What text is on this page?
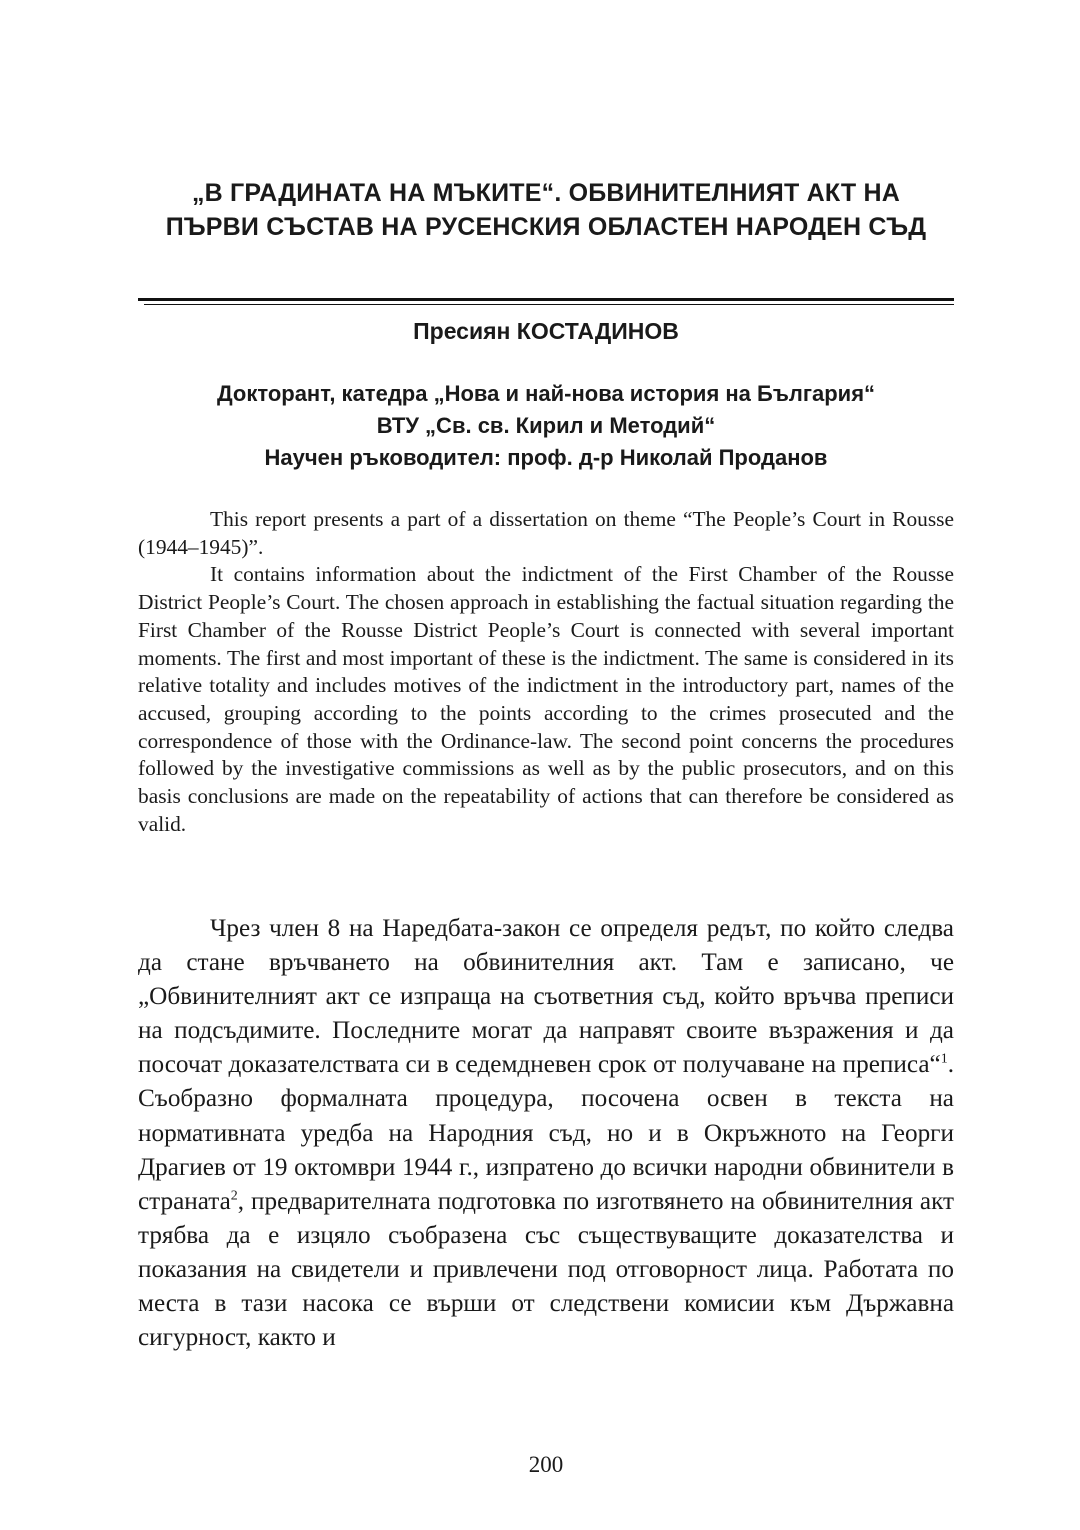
„В ГРАДИНАТА НА МЪКИТЕ“. ОБВИНИТЕЛНИЯТ АКТ НА
ПЪРВИ СЪСТАВ НА РУСЕНСКИЯ ОБЛАСТЕН НАРОДЕН СЪД
Пресиян КОСТАДИНОВ
Докторант, катедра „Нова и най-нова история на България“
ВТУ „Св. св. Кирил и Методий“
Научен ръководител: проф. д-р Николай Проданов

This report presents a part of a dissertation on theme “The People’s Court in Rousse (1944–1945)”.

It contains information about the indictment of the First Chamber of the Rousse District People’s Court. The chosen approach in establishing the factual situation regarding the First Chamber of the Rousse District People’s Court is connected with several important moments. The first and most important of these is the indictment. The same is considered in its relative totality and includes motives of the indictment in the introductory part, names of the accused, grouping according to the points according to the crimes prosecuted and the correspondence of those with the Ordinance-law. The second point concerns the procedures followed by the investigative commissions as well as by the public prosecutors, and on this basis conclusions are made on the repeatability of actions that can therefore be considered as valid.

Чрез член 8 на Наредбата-закон се определя редът, по който следва да стане връчването на обвинителния акт. Там е записано, че „Обвинителният акт се изпраща на съответния съд, който връчва преписи на подсъдимите. Последните могат да направят своите възражения и да посочат доказателствата си в седемдневен срок от получаване на преписа“$^1$. Съобразно формалната процедура, посочена освен в текста на нормативната уредба на Народния съд, но и в Окръжното на Георги Драгиев от 19 октомври 1944 г., изпратено до всички народни обвинители в страната$^2$, предварителната подготовка по изготвянето на обвинителния акт трябва да е изцяло съобразена със съществуващите доказателства и показания на свидетели и привлечени под отговорност лица. Работата по места в тази насока се върши от следствени комисии към Държавна сигурност, както и

200
